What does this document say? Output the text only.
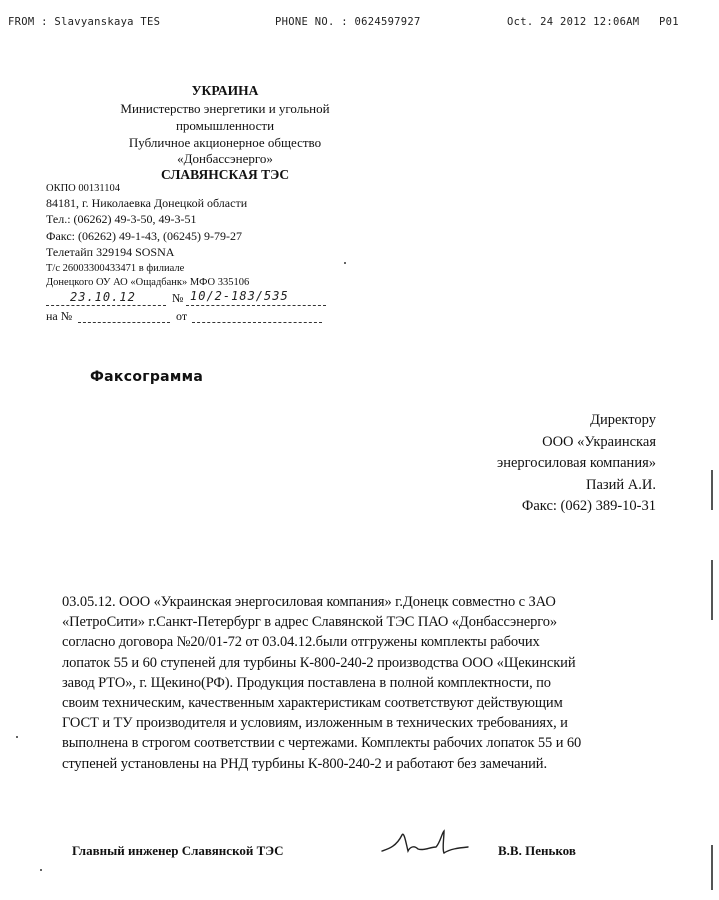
FROM : Slavyanskaya TES	PHONE NO. : 0624597927	Oct. 24 2012 12:06AM P01
УКРАИНА
Министерство энергетики и угольной
промышленности
Публичное акционерное общество
«Донбассэнерго»
СЛАВЯНСКАЯ ТЭС
ОКПО 00131104
84181, г. Николаевка Донецкой области
Тел.: (06262) 49-3-50, 49-3-51
Факс: (06262) 49-1-43, (06245) 9-79-27
Телетайп 329194 SOSNA
Т/с 26003300433471 в филиале
Донецкого ОУ АО «Ощадбанк» МФО 335106
23.10.12	№ 10/2-183/535
на №	от
Факсограмма
Директору
ООО «Украинская
энергосиловая компания»
Пазий А.И.
Факс: (062) 389-10-31
03.05.12. ООО «Украинская энергосиловая компания» г.Донецк совместно с ЗАО
«ПетроСити» г.Санкт-Петербург в адрес Славянской ТЭС ПАО «Донбассэнерго»
согласно договора №20/01-72 от 03.04.12.были отгружены комплекты рабочих
лопаток 55 и 60 ступеней для турбины К-800-240-2 производства ООО «Щекинский
завод РТО», г. Щекино(РФ). Продукция поставлена в полной комплектности, по
своим техническим, качественным характеристикам соответствуют действующим
ГОСТ и ТУ производителя и условиям, изложенным в технических требованиях, и
выполнена в строгом соответствии с чертежами. Комплекты рабочих лопаток 55 и 60
ступеней установлены на РНД турбины К-800-240-2 и работают без замечаний.
Главный инженер Славянской ТЭС	В.В. Пеньков
